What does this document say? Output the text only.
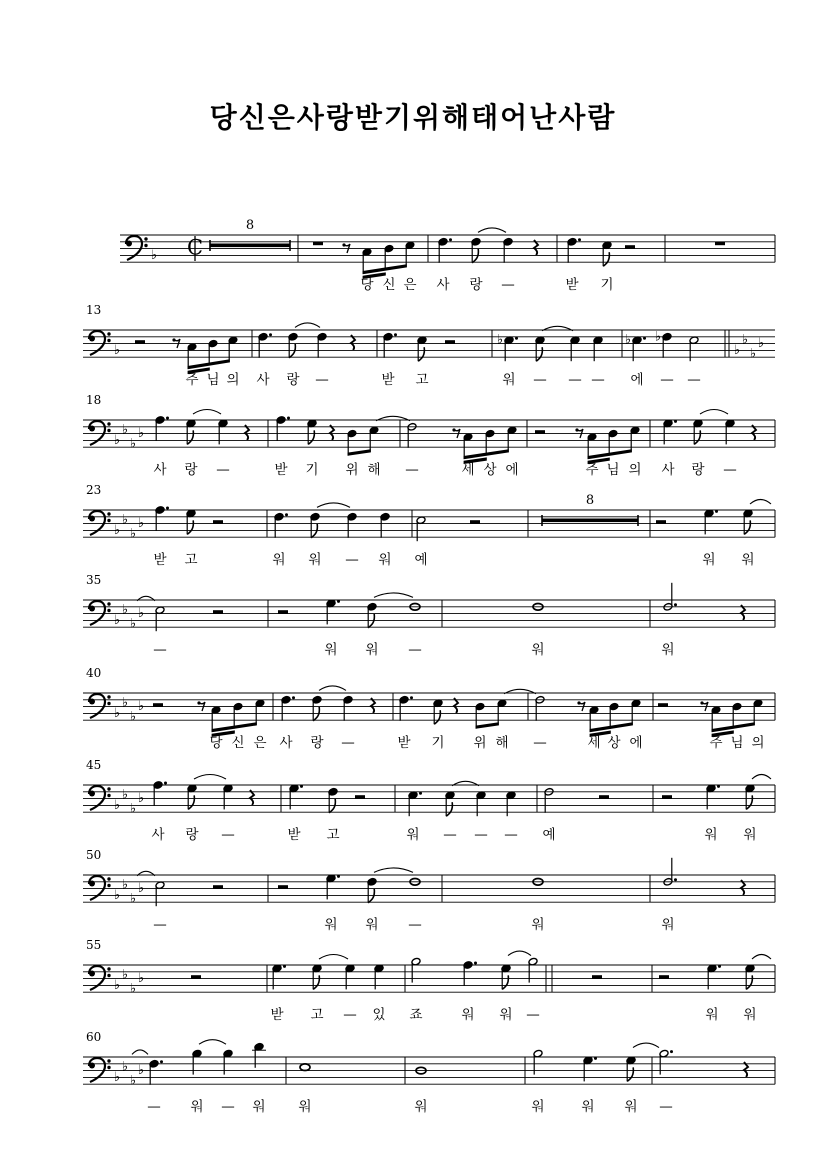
당신은사랑받기위해태어난사람
♭ C
8
당 신 은 사 랑 —	받 기
13
♭
♭	♭ ♭
♭
♭
♭
♭
주 님 의 사 랑 —	받 고	워 — — — 에 — —
18
♭
♭
♭
♭
사 랑 —	받 기 위 해 —	세 상 에	주 님 의 사 랑 —
23
♭
♭
♭
♭
8
받 고	워 워 — 워 예	워 워
35
♭
♭
♭
♭
—	워 워 —	워	워
40
♭
♭
♭
♭
당 신 은 사 랑 —	받 기 위 해 —	세 상 에	주 님 의
45
♭
♭
♭
♭
사 랑 —	받 고	워 — — — 예	워 워
50
♭
♭
♭
♭
—	워 워 —	워	워
55
♭
♭
♭
♭
받 고 — 있 죠	워 워 —	워 워
60
♭
♭
♭
♭
— 워 — 워 워	워	워	워 워 —
